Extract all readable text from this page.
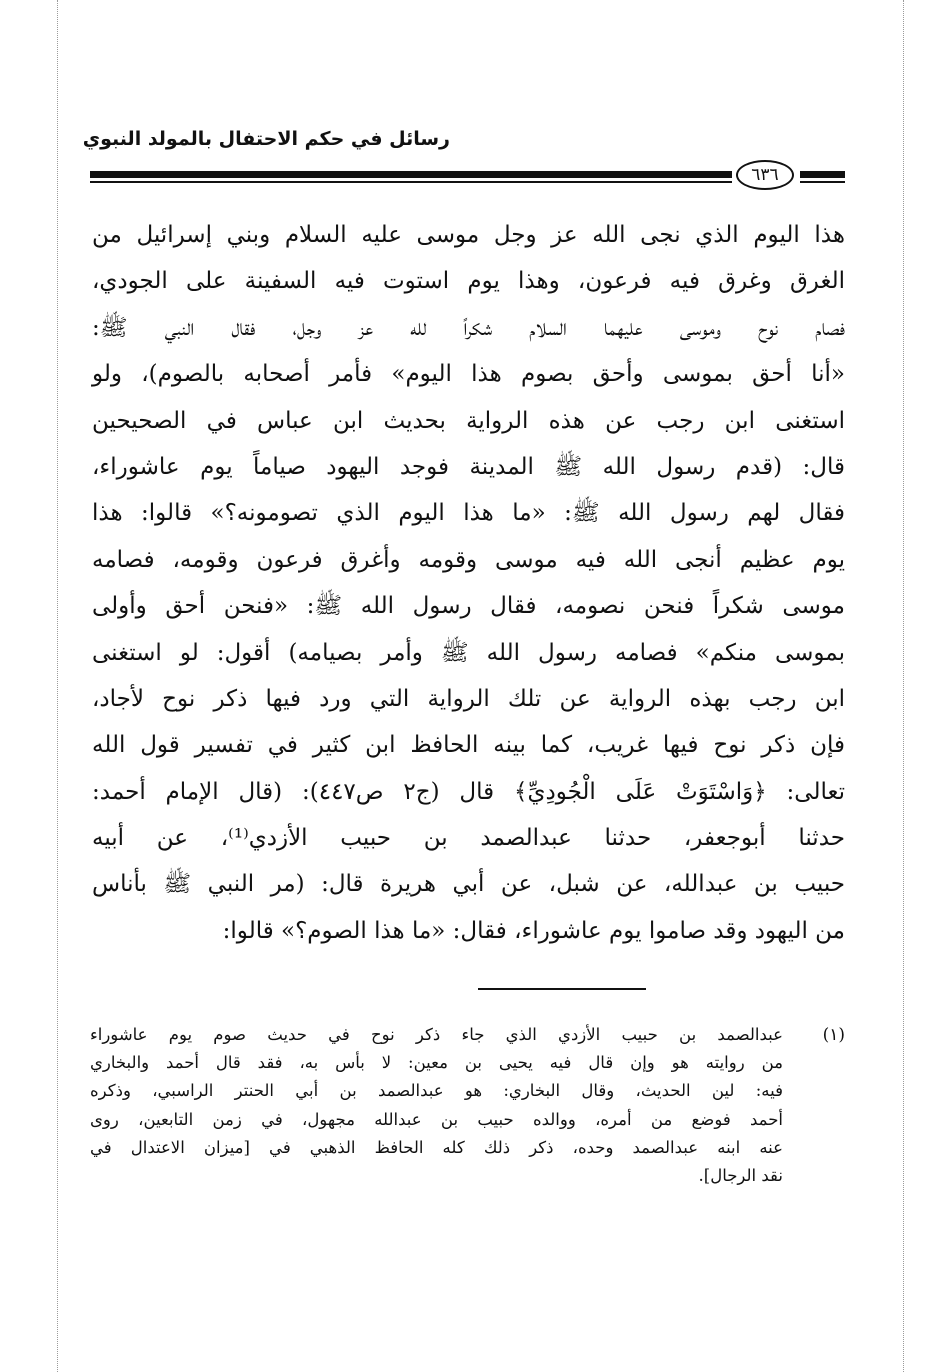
رسائل في حكم الاحتفال بالمولد النبوي
٦٣٦
هذا اليوم الذي نجى الله عز وجل موسى عليه السلام وبني إسرائيل من
الغرق وغرق فيه فرعون، وهذا يوم استوت فيه السفينة على الجودي،
فصام نوح وموسى عليهما السلام شكراً لله عز وجل، فقال النبي ﷺ:
«أنا أحق بموسى وأحق بصوم هذا اليوم» فأمر أصحابه بالصوم)، ولو
استغنى ابن رجب عن هذه الرواية بحديث ابن عباس في الصحيحين
قال: (قدم رسول الله ﷺ المدينة فوجد اليهود صياماً يوم عاشوراء،
فقال لهم رسول الله ﷺ: «ما هذا اليوم الذي تصومونه؟» قالوا: هذا
يوم عظيم أنجى الله فيه موسى وقومه وأغرق فرعون وقومه، فصامه
موسى شكراً فنحن نصومه، فقال رسول الله ﷺ: «فنحن أحق وأولى
بموسى منكم» فصامه رسول الله ﷺ وأمر بصيامه) أقول: لو استغنى
ابن رجب بهذه الرواية عن تلك الرواية التي ورد فيها ذكر نوح لأجاد،
فإن ذكر نوح فيها غريب، كما بينه الحافظ ابن كثير في تفسير قول الله
تعالى: ﴿وَاسْتَوَتْ عَلَى الْجُودِيِّ﴾ قال (ج٢ ص٤٤٧): (قال الإمام أحمد:
حدثنا أبوجعفر، حدثنا عبدالصمد بن حبيب الأزدي⁽¹⁾، عن أبيه
حبيب بن عبدالله، عن شبل، عن أبي هريرة قال: (مر النبي ﷺ بأناس
من اليهود وقد صاموا يوم عاشوراء، فقال: «ما هذا الصوم؟» قالوا:
(١)
عبدالصمد بن حبيب الأزدي الذي جاء ذكر نوح في حديث صوم يوم عاشوراء
من روايته هو وإن قال فيه يحيى بن معين: لا بأس به، فقد قال أحمد والبخاري
فيه: لين الحديث، وقال البخاري: هو عبدالصمد بن أبي الحنتر الراسبي، وذكره
أحمد فوضع من أمره، ووالده حبيب بن عبدالله مجهول، في زمن التابعين، روى
عنه ابنه عبدالصمد وحده، ذكر ذلك كله الحافظ الذهبي في [ميزان الاعتدال في
نقد الرجال].
